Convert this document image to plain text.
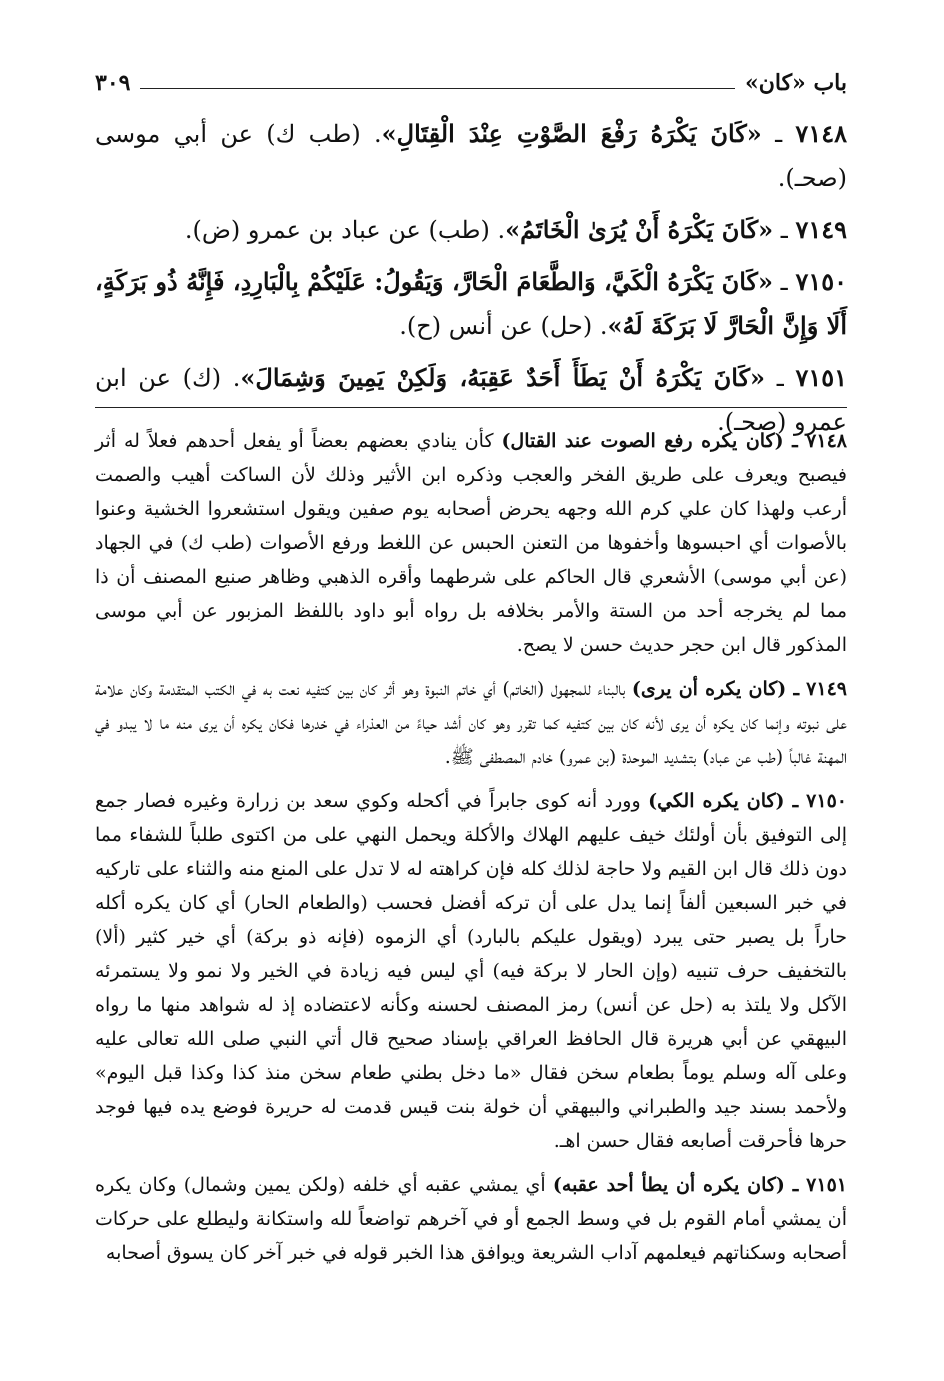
باب «كان»
٣٠٩

٧١٤٨ ـ «كَانَ يَكْرَهُ رَفْعَ الصَّوْتِ عِنْدَ الْقِتَالِ». (طب ك) عن أبي موسى (صحـ).

٧١٤٩ ـ «كَانَ يَكْرَهُ أَنْ يُرَىٰ الْخَاتَمُ». (طب) عن عباد بن عمرو (ض).

٧١٥٠ ـ «كَانَ يَكْرَهُ الْكَيَّ، وَالطَّعَامَ الْحَارَّ، وَيَقُولُ: عَلَيْكُمْ بِالْبَارِدِ، فَإِنَّهُ ذُو بَرَكَةٍ، أَلَا وَإِنَّ الْحَارَّ لَا بَرَكَةَ لَهُ». (حل) عن أنس (ح).

٧١٥١ ـ «كَانَ يَكْرَهُ أَنْ يَطَأَ أَحَدٌ عَقِبَهُ، وَلَكِنْ يَمِينَ وَشِمَالَ». (ك) عن ابن عمرو (صحـ).

٧١٤٨ ـ (كان يكره رفع الصوت عند القتال) كأن ينادي بعضهم بعضاً أو يفعل أحدهم فعلاً له أثر فيصبح ويعرف على طريق الفخر والعجب وذكره ابن الأثير وذلك لأن الساكت أهيب والصمت أرعب ولهذا كان علي كرم الله وجهه يحرض أصحابه يوم صفين ويقول استشعروا الخشية وعنوا بالأصوات أي احبسوها وأخفوها من التعنن الحبس عن اللغط ورفع الأصوات (طب ك) في الجهاد (عن أبي موسى) الأشعري قال الحاكم على شرطهما وأقره الذهبي وظاهر صنيع المصنف أن ذا مما لم يخرجه أحد من الستة والأمر بخلافه بل رواه أبو داود باللفظ المزبور عن أبي موسى المذكور قال ابن حجر حديث حسن لا يصح.

٧١٤٩ ـ (كان يكره أن يرى) بالبناء للمجهول (الخاتم) أي خاتم النبوة وهو أثر كان بين كتفيه نعت به في الكتب المتقدمة وكان علامة على نبوته وإنما كان يكره أن يرى لأنه كان بين كتفيه كما تقرر وهو كان أشد حياءً من العذراء في خدرها فكان يكره أن يرى منه ما لا يبدو في المهنة غالباً (طب عن عباد) بتشديد الموحدة (بن عمرو) خادم المصطفى ﷺ.

٧١٥٠ ـ (كان يكره الكي) وورد أنه كوى جابراً في أكحله وكوي سعد بن زرارة وغيره فصار جمع إلى التوفيق بأن أولئك خيف عليهم الهلاك والأكلة ويحمل النهي على من اكتوى طلباً للشفاء مما دون ذلك قال ابن القيم ولا حاجة لذلك كله فإن كراهته له لا تدل على المنع منه والثناء على تاركيه في خبر السبعين ألفاً إنما يدل على أن تركه أفضل فحسب (والطعام الحار) أي كان يكره أكله حاراً بل يصبر حتى يبرد (ويقول عليكم بالبارد) أي الزموه (فإنه ذو بركة) أي خير كثير (ألا) بالتخفيف حرف تنبيه (وإن الحار لا بركة فيه) أي ليس فيه زيادة في الخير ولا نمو ولا يستمرئه الآكل ولا يلتذ به (حل عن أنس) رمز المصنف لحسنه وكأنه لاعتضاده إذ له شواهد منها ما رواه البيهقي عن أبي هريرة قال الحافظ العراقي بإسناد صحيح قال أتي النبي صلى الله تعالى عليه وعلى آله وسلم يوماً بطعام سخن فقال «ما دخل بطني طعام سخن منذ كذا وكذا قبل اليوم» ولأحمد بسند جيد والطبراني والبيهقي أن خولة بنت قيس قدمت له حريرة فوضع يده فيها فوجد حرها فأحرقت أصابعه فقال حسن اهـ.

٧١٥١ ـ (كان يكره أن يطأ أحد عقبه) أي يمشي عقبه أي خلفه (ولكن يمين وشمال) وكان يكره أن يمشي أمام القوم بل في وسط الجمع أو في آخرهم تواضعاً لله واستكانة وليطلع على حركات أصحابه وسكناتهم فيعلمهم آداب الشريعة ويوافق هذا الخبر قوله في خبر آخر كان يسوق أصحابه
